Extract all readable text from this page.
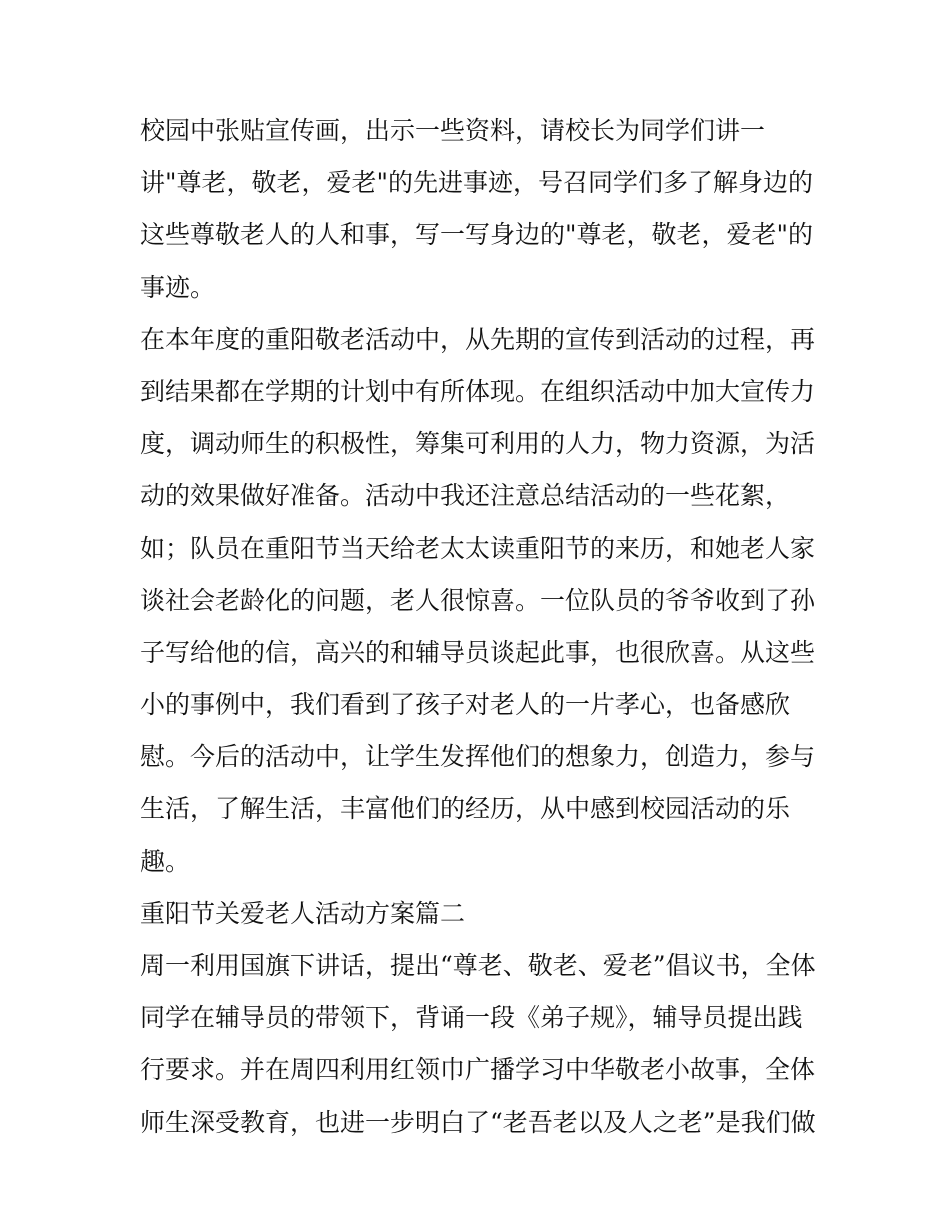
校园中张贴宣传画，出示一些资料，请校长为同学们讲一
讲"尊老，敬老，爱老"的先进事迹，号召同学们多了解身边的
这些尊敬老人的人和事，写一写身边的"尊老，敬老，爱老"的
事迹。
在本年度的重阳敬老活动中，从先期的宣传到活动的过程，再
到结果都在学期的计划中有所体现。在组织活动中加大宣传力
度，调动师生的积极性，筹集可利用的人力，物力资源，为活
动的效果做好准备。活动中我还注意总结活动的一些花絮，
如；队员在重阳节当天给老太太读重阳节的来历，和她老人家
谈社会老龄化的问题，老人很惊喜。一位队员的爷爷收到了孙
子写给他的信，高兴的和辅导员谈起此事，也很欣喜。从这些
小的事例中，我们看到了孩子对老人的一片孝心，也备感欣
慰。今后的活动中，让学生发挥他们的想象力，创造力，参与
生活，了解生活，丰富他们的经历，从中感到校园活动的乐
趣。
重阳节关爱老人活动方案篇二
周一利用国旗下讲话，提出“尊老、敬老、爱老”倡议书，全体
同学在辅导员的带领下，背诵一段《弟子规》，辅导员提出践
行要求。并在周四利用红领巾广播学习中华敬老小故事，全体
师生深受教育，也进一步明白了“老吾老以及人之老”是我们做
